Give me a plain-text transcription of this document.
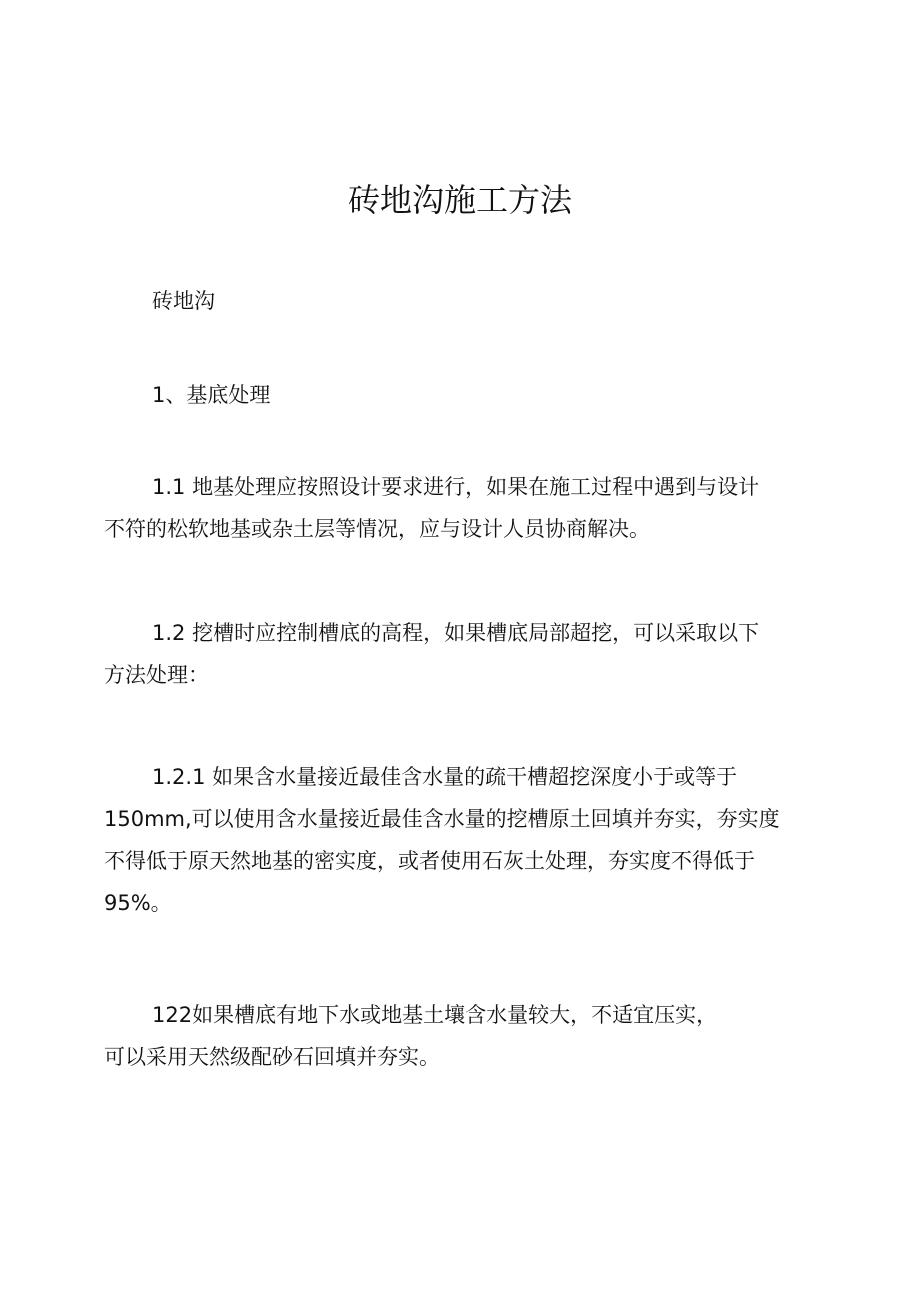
砖地沟施工方法

砖地沟

1、基底处理

1.1 地基处理应按照设计要求进行，如果在施工过程中遇到与设计
不符的松软地基或杂土层等情况，应与设计人员协商解决。

1.2 挖槽时应控制槽底的高程，如果槽底局部超挖，可以采取以下
方法处理：

1.2.1 如果含水量接近最佳含水量的疏干槽超挖深度小于或等于
150mm,可以使用含水量接近最佳含水量的挖槽原土回填并夯实，夯实度
不得低于原天然地基的密实度，或者使用石灰土处理，夯实度不得低于
95%。

122如果槽底有地下水或地基土壤含水量较大，不适宜压实，
可以采用天然级配砂石回填并夯实。
